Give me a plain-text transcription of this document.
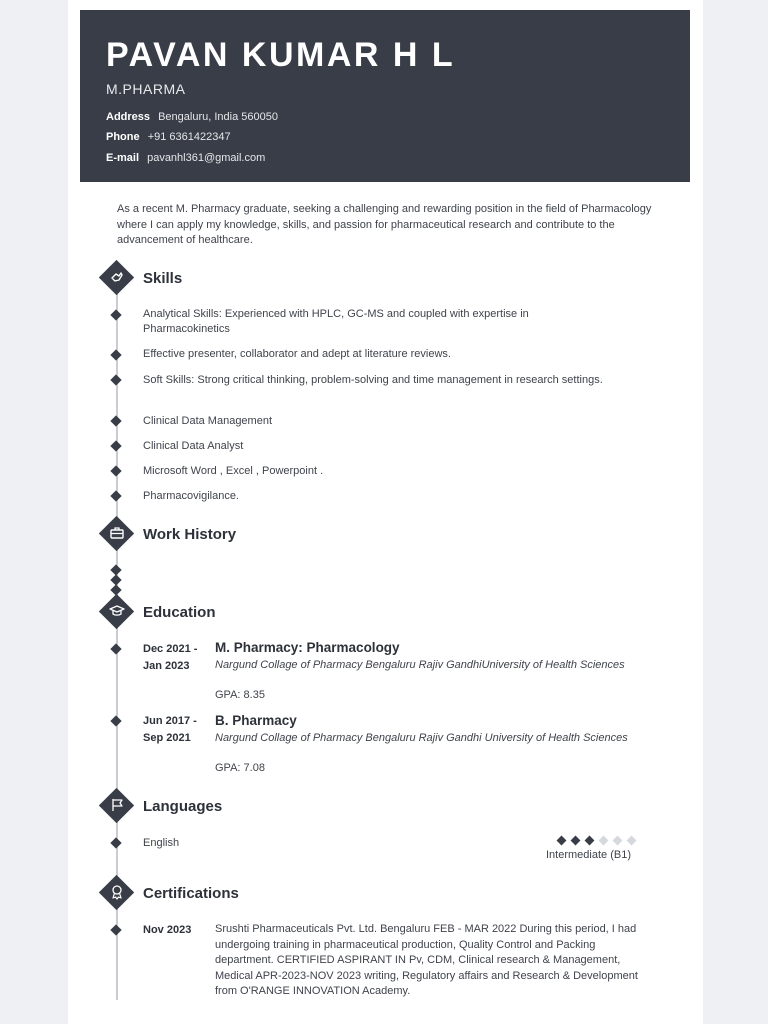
PAVAN KUMAR H L
M.PHARMA
Address Bengaluru, India 560050
Phone +91 6361422347
E-mail pavanhl361@gmail.com
As a recent M. Pharmacy graduate, seeking a challenging and rewarding position in the field of Pharmacology where I can apply my knowledge, skills, and passion for pharmaceutical research and contribute to the advancement of healthcare.
Skills
Analytical Skills: Experienced with HPLC, GC-MS and coupled with expertise in Pharmacokinetics
Effective presenter, collaborator and adept at literature reviews.
Soft Skills: Strong critical thinking, problem-solving and time management in research settings.
Clinical Data Management
Clinical Data Analyst
Microsoft Word , Excel , Powerpoint .
Pharmacovigilance.
Work History
Education
Dec 2021 -
Jan 2023
M. Pharmacy: Pharmacology
Nargund Collage of Pharmacy Bengaluru Rajiv GandhiUniversity of Health Sciences
GPA: 8.35
Jun 2017 -
Sep 2021
B. Pharmacy
Nargund Collage of Pharmacy Bengaluru Rajiv Gandhi University of Health Sciences
GPA: 7.08
Languages
English
Intermediate (B1)
Certifications
Nov 2023	Srushti Pharmaceuticals Pvt. Ltd. Bengaluru FEB - MAR 2022 During this period, I had undergoing training in pharmaceutical production, Quality Control and Packing department. CERTIFIED ASPIRANT IN Pv, CDM, Clinical research & Management, Medical APR-2023-NOV 2023 writing, Regulatory affairs and Research & Development from O'RANGE INNOVATION Academy.
